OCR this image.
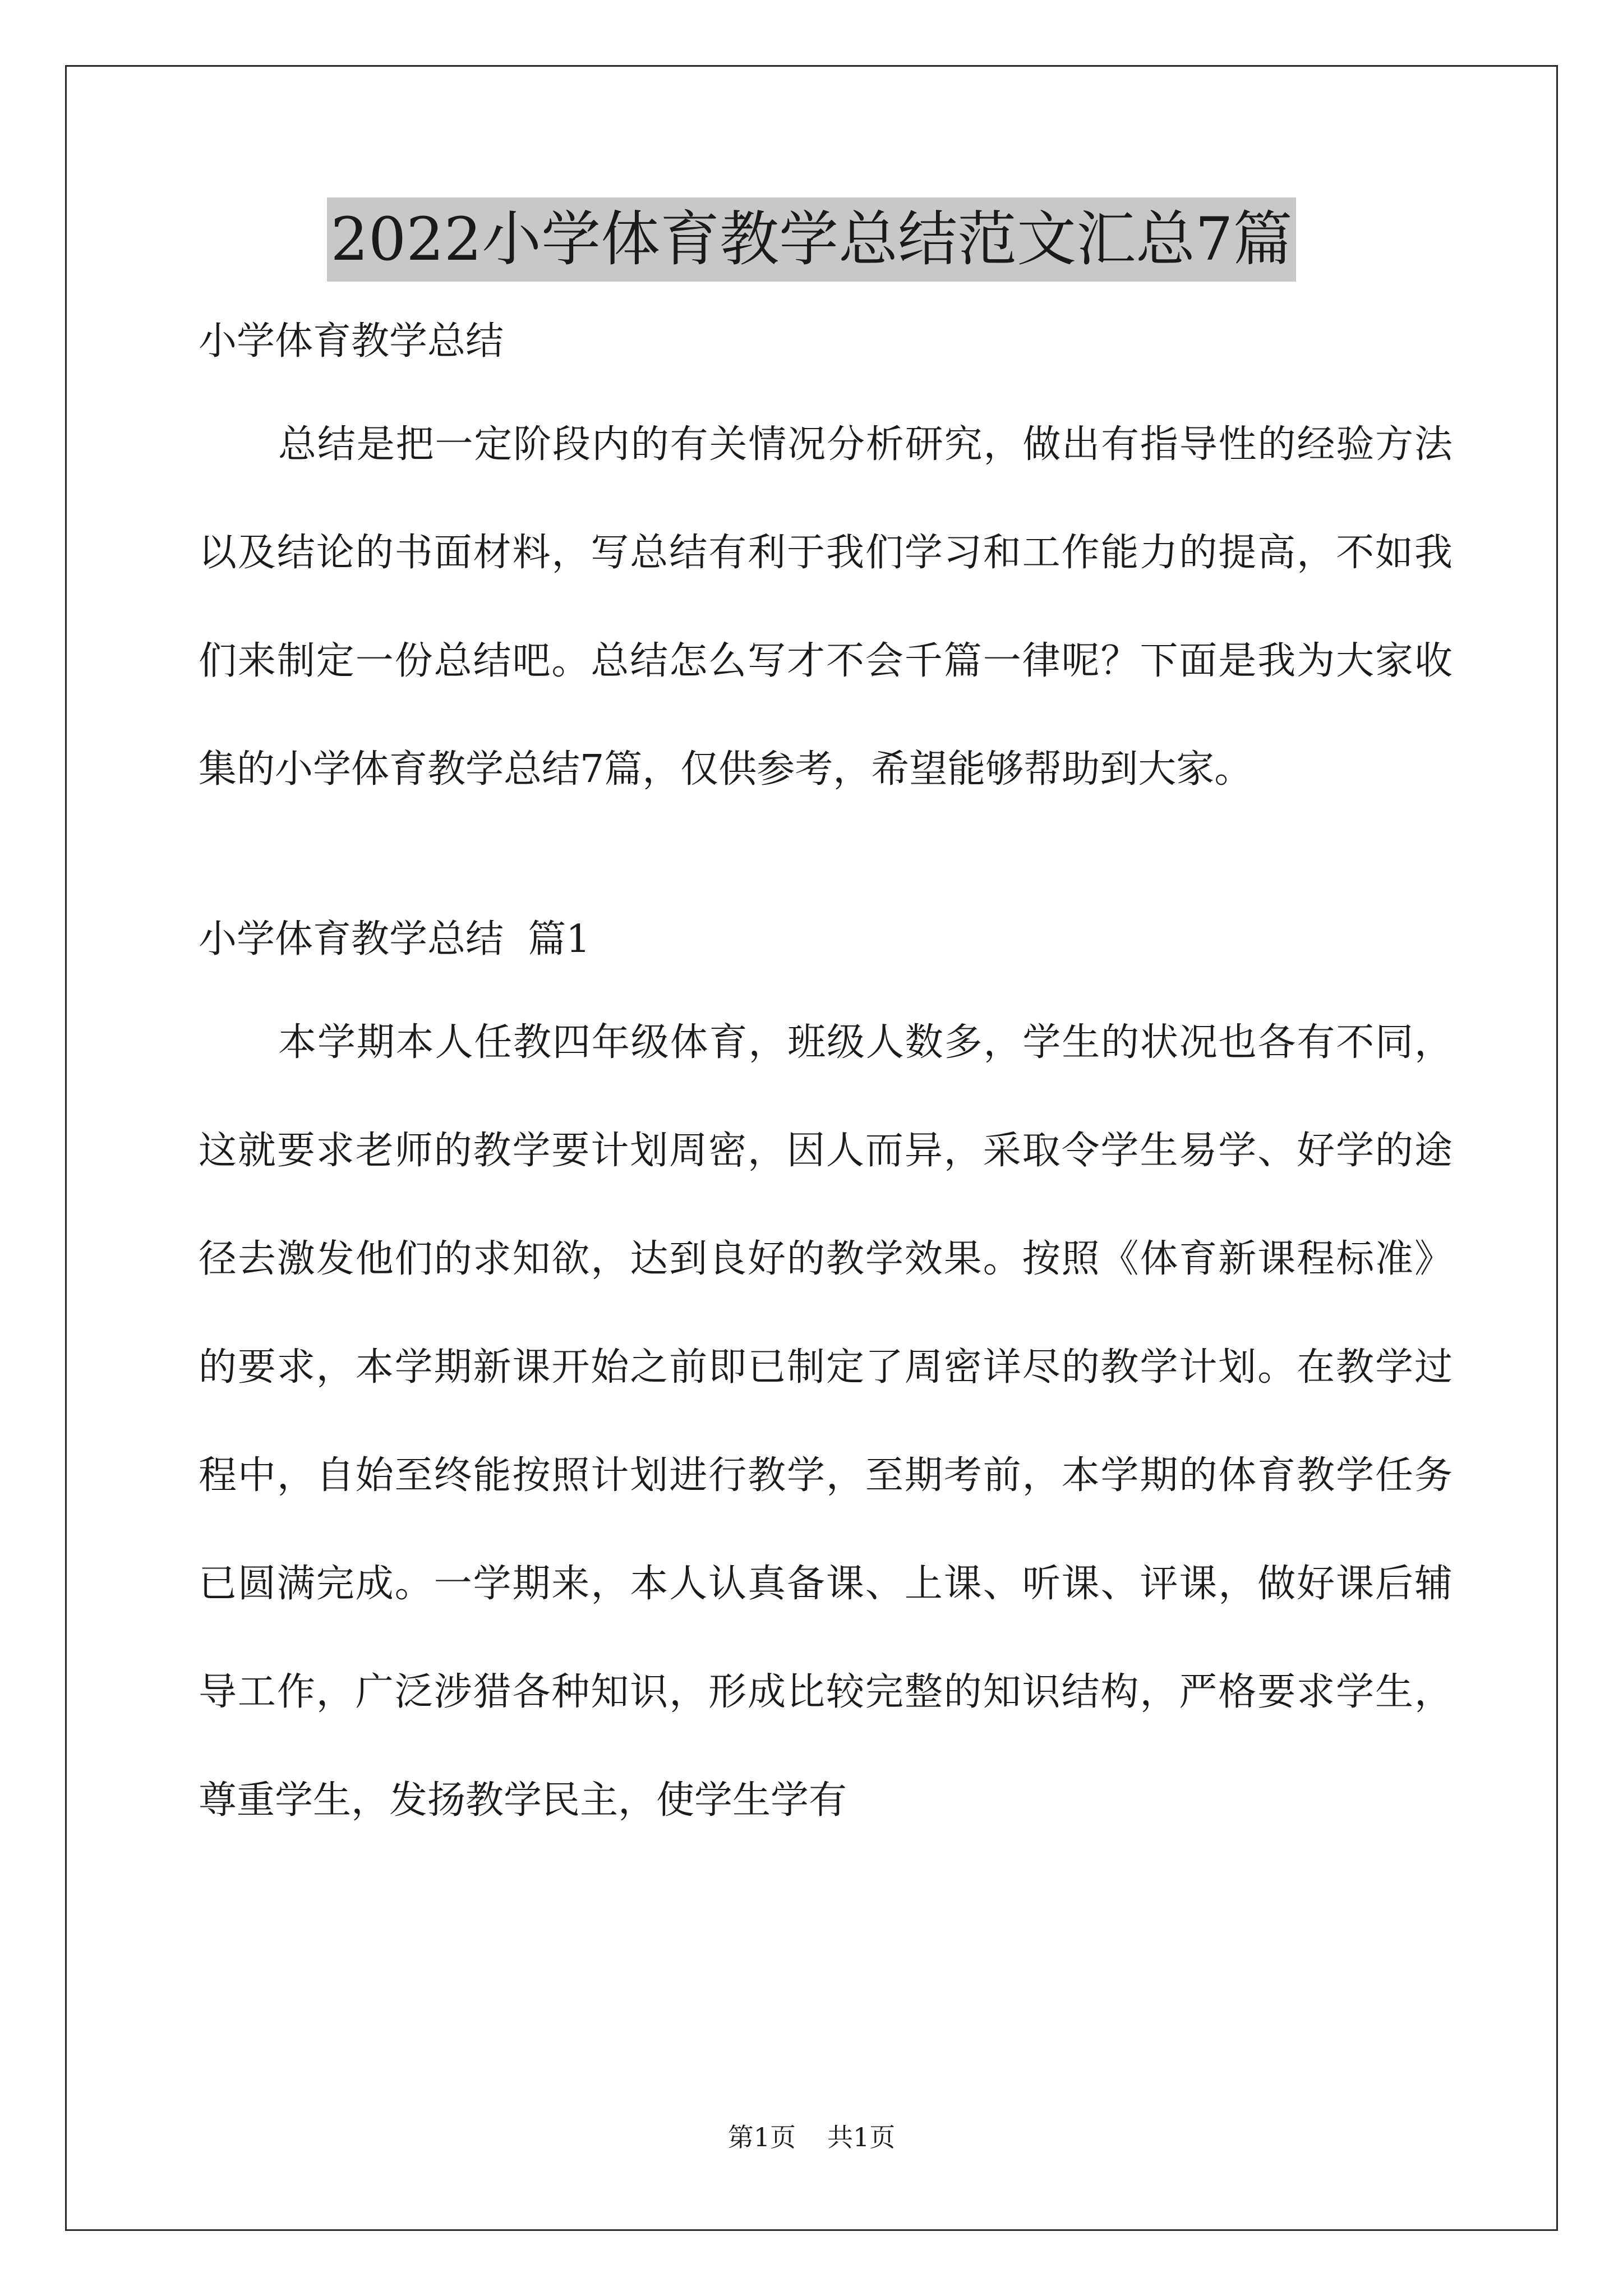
2022小学体育教学总结范文汇总7篇

小学体育教学总结

总结是把一定阶段内的有关情况分析研究，做出有指导性的经验方法以及结论的书面材料，写总结有利于我们学习和工作能力的提高，不如我们来制定一份总结吧。总结怎么写才不会千篇一律呢？下面是我为大家收集的小学体育教学总结7篇，仅供参考，希望能够帮助到大家。

小学体育教学总结  篇1

本学期本人任教四年级体育，班级人数多，学生的状况也各有不同，这就要求老师的教学要计划周密，因人而异，采取令学生易学、好学的途径去激发他们的求知欲，达到良好的教学效果。按照《体育新课程标准》的要求，本学期新课开始之前即已制定了周密详尽的教学计划。在教学过程中，自始至终能按照计划进行教学，至期考前，本学期的体育教学任务已圆满完成。一学期来，本人认真备课、上课、听课、评课，做好课后辅导工作，广泛涉猎各种知识，形成比较完整的知识结构，严格要求学生，尊重学生，发扬教学民主，使学生学有

第1页 共1页
